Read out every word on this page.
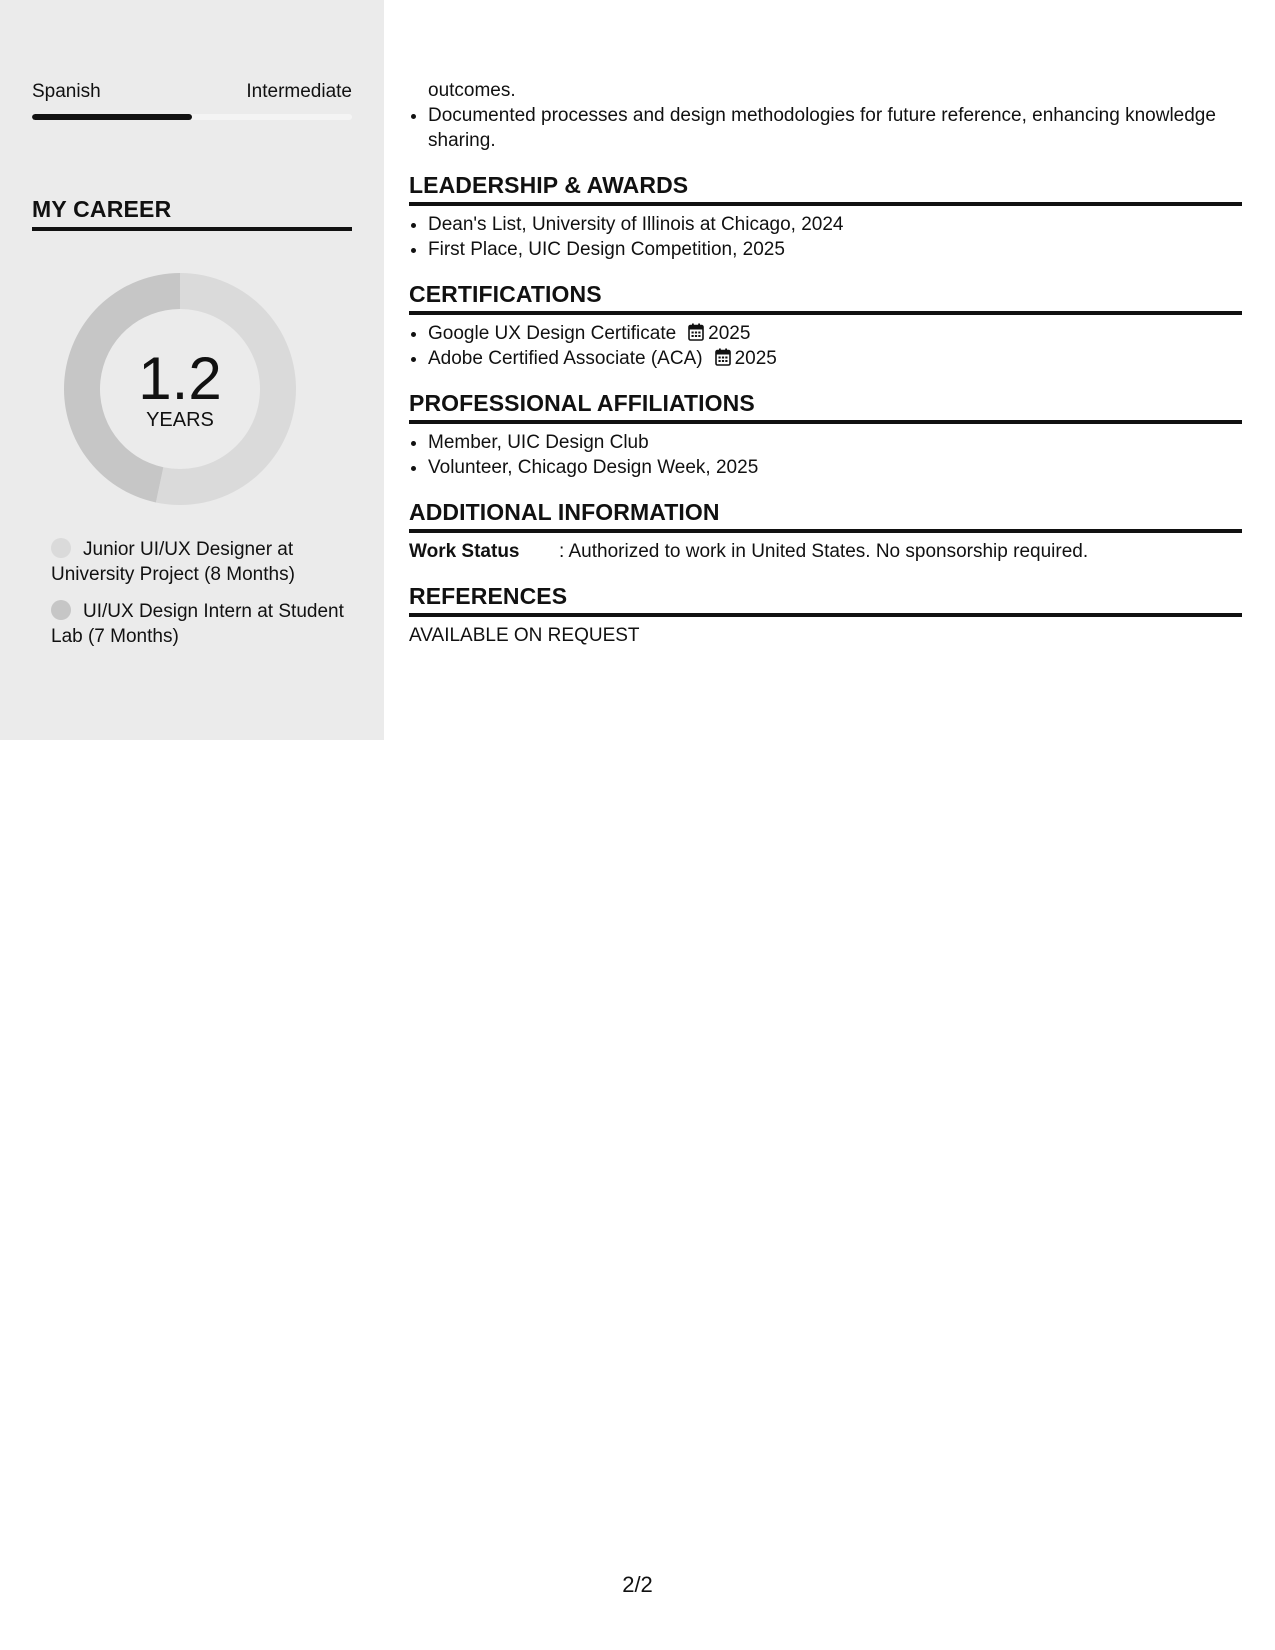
Spanish	Intermediate
MY CAREER
1.2
YEARS
Junior UI/UX Designer at University Project (8 Months)
UI/UX Design Intern at Student Lab (7 Months)
outcomes.
• Documented processes and design methodologies for future reference, enhancing knowledge sharing.
LEADERSHIP & AWARDS
• Dean's List, University of Illinois at Chicago, 2024
• First Place, UIC Design Competition, 2025
CERTIFICATIONS
• Google UX Design Certificate 2025
• Adobe Certified Associate (ACA) 2025
PROFESSIONAL AFFILIATIONS
• Member, UIC Design Club
• Volunteer, Chicago Design Week, 2025
ADDITIONAL INFORMATION
Work Status	: Authorized to work in United States. No sponsorship required.
REFERENCES
AVAILABLE ON REQUEST
2/2
